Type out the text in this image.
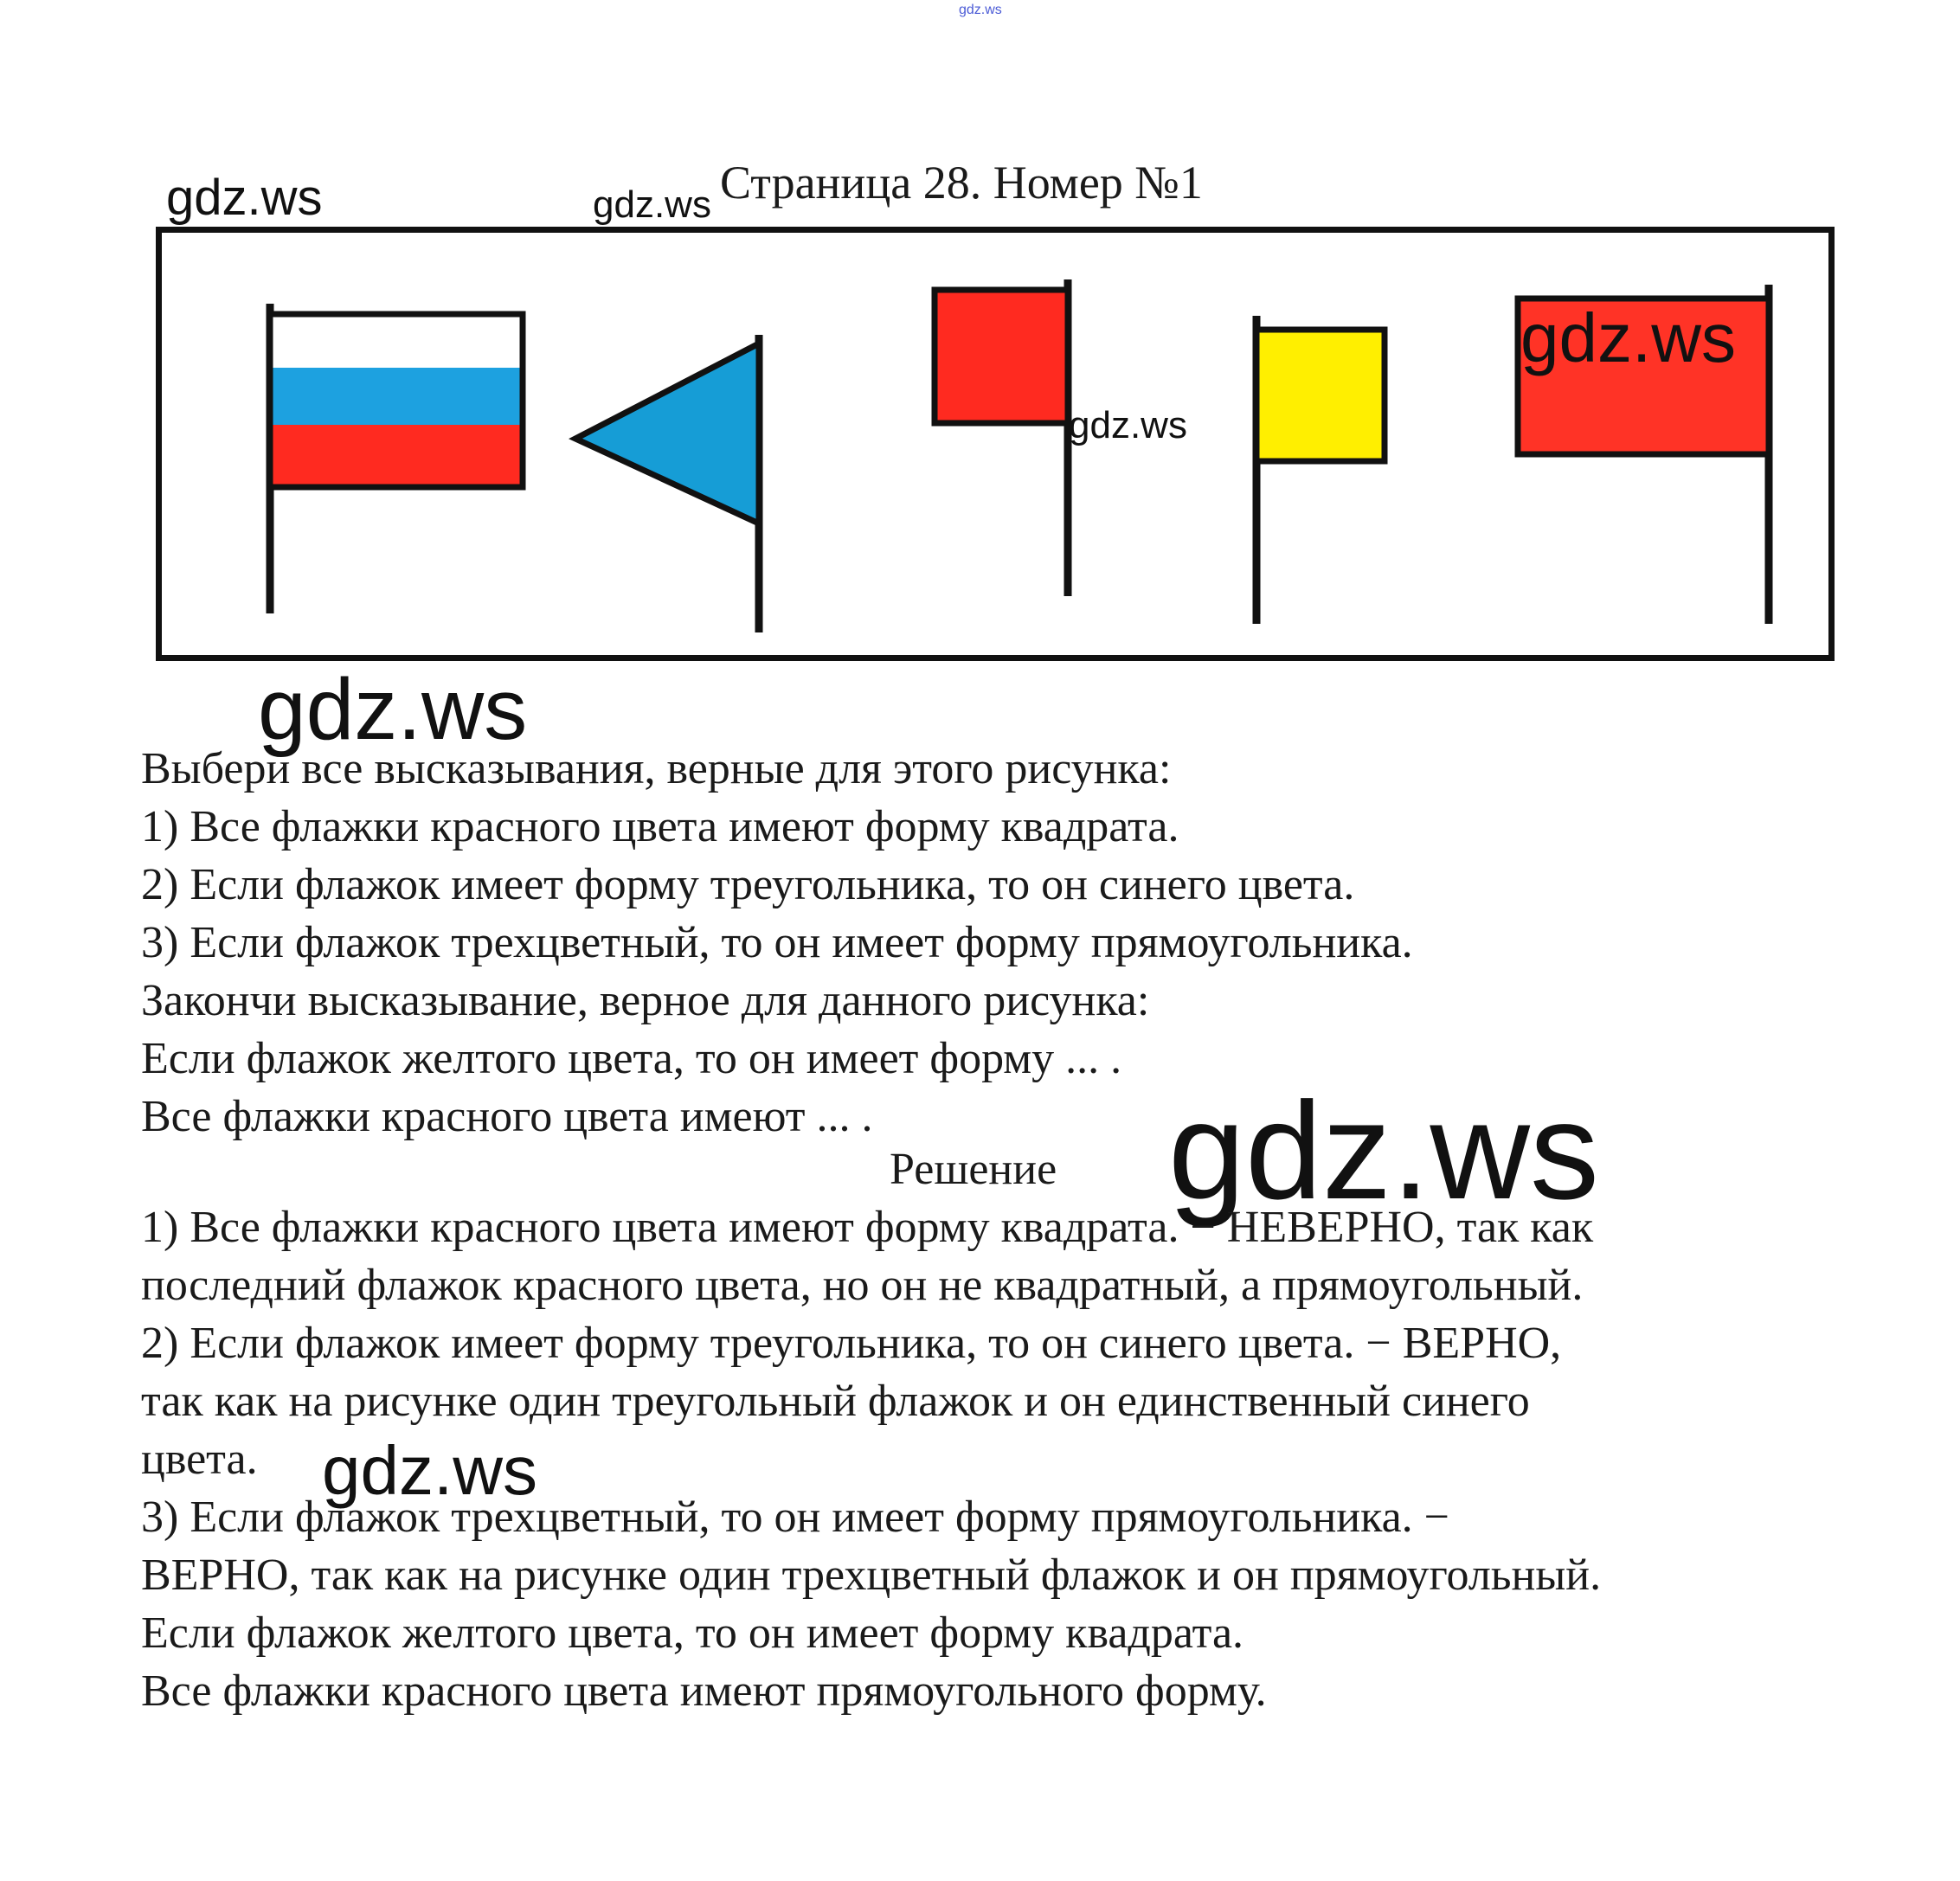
gdz.ws
gdz.ws	gdz.ws Страница 28. Номер №1
gdz.ws
gdz.ws
gdz.ws

Выбери все высказывания, верные для этого рисунка:

1) Все флажки красного цвета имеют форму квадрата.

2) Если флажок имеет форму треугольника, то он синего цвета.

3) Если флажок трехцветный, то он имеет форму прямоугольника.

Закончи высказывание, верное для данного рисунка:

Если флажок желтого цвета, то он имеет форму ... .

Все флажки красного цвета имеют ... .	gdz.ws

Решение

1) Все флажки красного цвета имеют форму квадрата. − НЕВЕРНО, так как

последний флажок красного цвета, но он не квадратный, а прямоугольный.

2) Если флажок имеет форму треугольника, то он синего цвета. − ВЕРНО,

так как на рисунке один треугольный флажок и он единственный синего

цвета.

3) Если флажок трехцветный, то он имеет форму прямоугольника. −

ВЕРНО, так как на рисунке один трехцветный флажок и он прямоугольный.

Если флажок желтого цвета, то он имеет форму квадрата.

Все флажки красного цвета имеют прямоугольного форму.

gdz.ws
